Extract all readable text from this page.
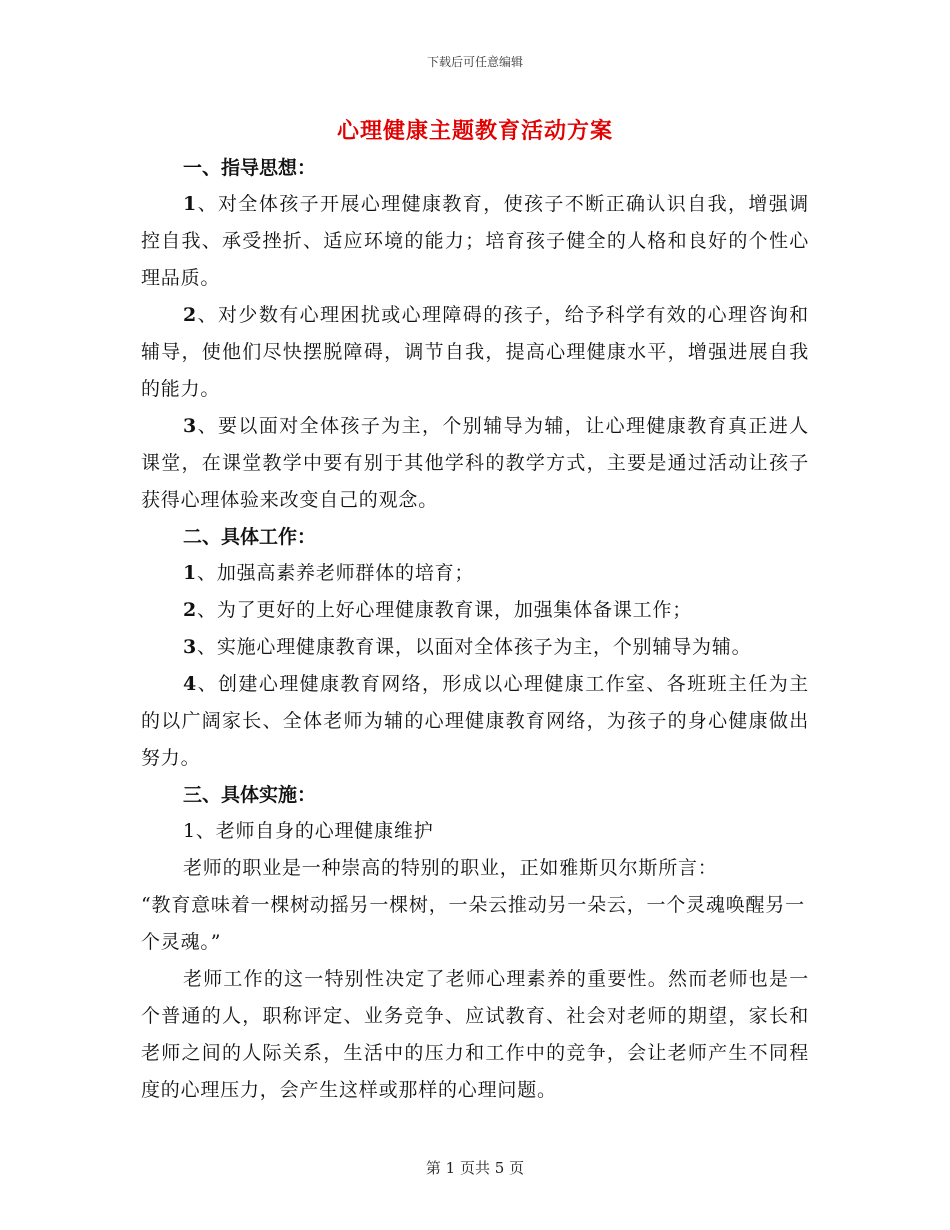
下载后可任意编辑
心理健康主题教育活动方案
一、指导思想：

1、对全体孩子开展心理健康教育，使孩子不断正确认识自我，增强调控自我、承受挫折、适应环境的能力；培育孩子健全的人格和良好的个性心理品质。

2、对少数有心理困扰或心理障碍的孩子，给予科学有效的心理咨询和辅导，使他们尽快摆脱障碍，调节自我，提高心理健康水平，增强进展自我的能力。

3、要以面对全体孩子为主，个别辅导为辅，让心理健康教育真正进人课堂，在课堂教学中要有别于其他学科的教学方式，主要是通过活动让孩子获得心理体验来改变自己的观念。

二、具体工作：

1、加强高素养老师群体的培育；

2、为了更好的上好心理健康教育课，加强集体备课工作；

3、实施心理健康教育课，以面对全体孩子为主，个别辅导为辅。

4、创建心理健康教育网络，形成以心理健康工作室、各班班主任为主的以广阔家长、全体老师为辅的心理健康教育网络，为孩子的身心健康做出努力。

三、具体实施：

1、老师自身的心理健康维护

老师的职业是一种崇高的特别的职业，正如雅斯贝尔斯所言：

“教育意味着一棵树动摇另一棵树，一朵云推动另一朵云，一个灵魂唤醒另一个灵魂。”

老师工作的这一特别性决定了老师心理素养的重要性。然而老师也是一个普通的人，职称评定、业务竞争、应试教育、社会对老师的期望，家长和老师之间的人际关系，生活中的压力和工作中的竞争，会让老师产生不同程度的心理压力，会产生这样或那样的心理问题。

第 1 页共 5 页
